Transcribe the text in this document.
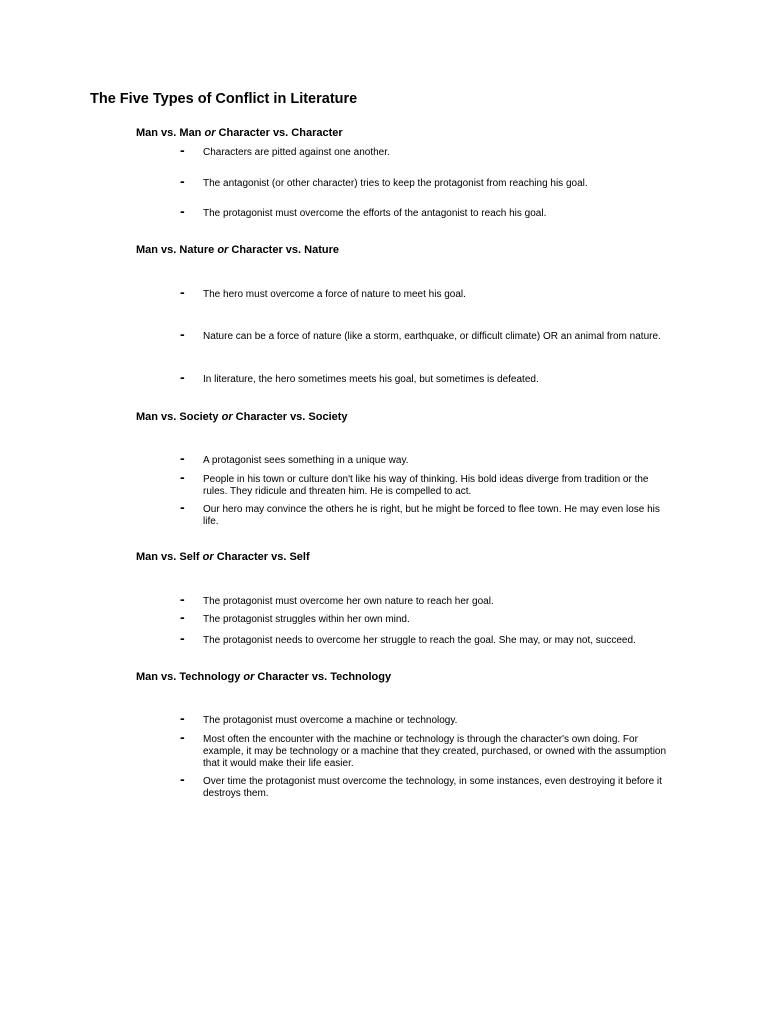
The Five Types of Conflict in Literature
Man vs. Man or Character vs. Character
- Characters are pitted against one another.
- The antagonist (or other character) tries to keep the protagonist from reaching his goal.
- The protagonist must overcome the efforts of the antagonist to reach his goal.
Man vs. Nature or Character vs. Nature
- The hero must overcome a force of nature to meet his goal.
- Nature can be a force of nature (like a storm, earthquake, or difficult climate) OR an animal from nature.
- In literature, the hero sometimes meets his goal, but sometimes is defeated.
Man vs. Society or Character vs. Society
- A protagonist sees something in a unique way.
- People in his town or culture don't like his way of thinking. His bold ideas diverge from tradition or the rules. They ridicule and threaten him. He is compelled to act.
- Our hero may convince the others he is right, but he might be forced to flee town. He may even lose his life.
Man vs. Self or Character vs. Self
- The protagonist must overcome her own nature to reach her goal.
- The protagonist struggles within her own mind.
- The protagonist needs to overcome her struggle to reach the goal. She may, or may not, succeed.
Man vs. Technology or Character vs. Technology
- The protagonist must overcome a machine or technology.
- Most often the encounter with the machine or technology is through the character's own doing. For example, it may be technology or a machine that they created, purchased, or owned with the assumption that it would make their life easier.
- Over time the protagonist must overcome the technology, in some instances, even destroying it before it destroys them.
